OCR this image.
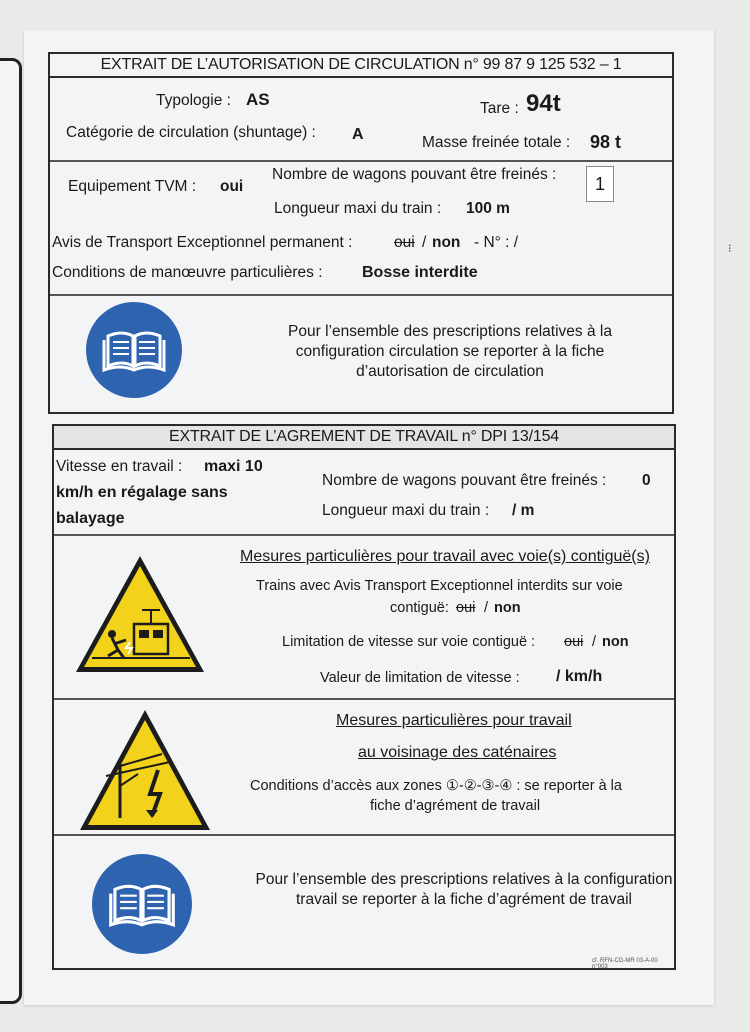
⁝
EXTRAIT DE L’AUTORISATION DE CIRCULATION n° 99 87 9 125 532 – 1
Typologie : AS	Tare : 94t
Catégorie de circulation (shuntage) : A	Masse freinée totale : 98 t
Equipement TVM : oui
Nombre de wagons pouvant être freinés :	1
Longueur maxi du train : 100 m
Avis de Transport Exceptionnel permanent :	oui / non - N° : /
Conditions de manœuvre particulières : Bosse interdite
Pour l’ensemble des prescriptions relatives à la configuration circulation se reporter à la fiche d’autorisation de circulation
EXTRAIT DE L’AGREMENT DE TRAVAIL n° DPI 13/154
Vitesse en travail : maxi 10
km/h en régalage sans
balayage
Nombre de wagons pouvant être freinés : 0
Longueur maxi du train : / m
Mesures particulières pour travail avec voie(s) contiguë(s)
Trains avec Avis Transport Exceptionnel interdits sur voie
contiguë: oui / non
Limitation de vitesse sur voie contiguë : oui / non
Valeur de limitation de vitesse : / km/h
Mesures particulières pour travail
au voisinage des caténaires
Conditions d’accès aux zones ①-②-③-④ : se reporter à la
fiche d’agrément de travail
Pour l’ensemble des prescriptions relatives à la configuration travail se reporter à la fiche d’agrément de travail
cf. RFN-CG-MR 03-A-00 n°003
